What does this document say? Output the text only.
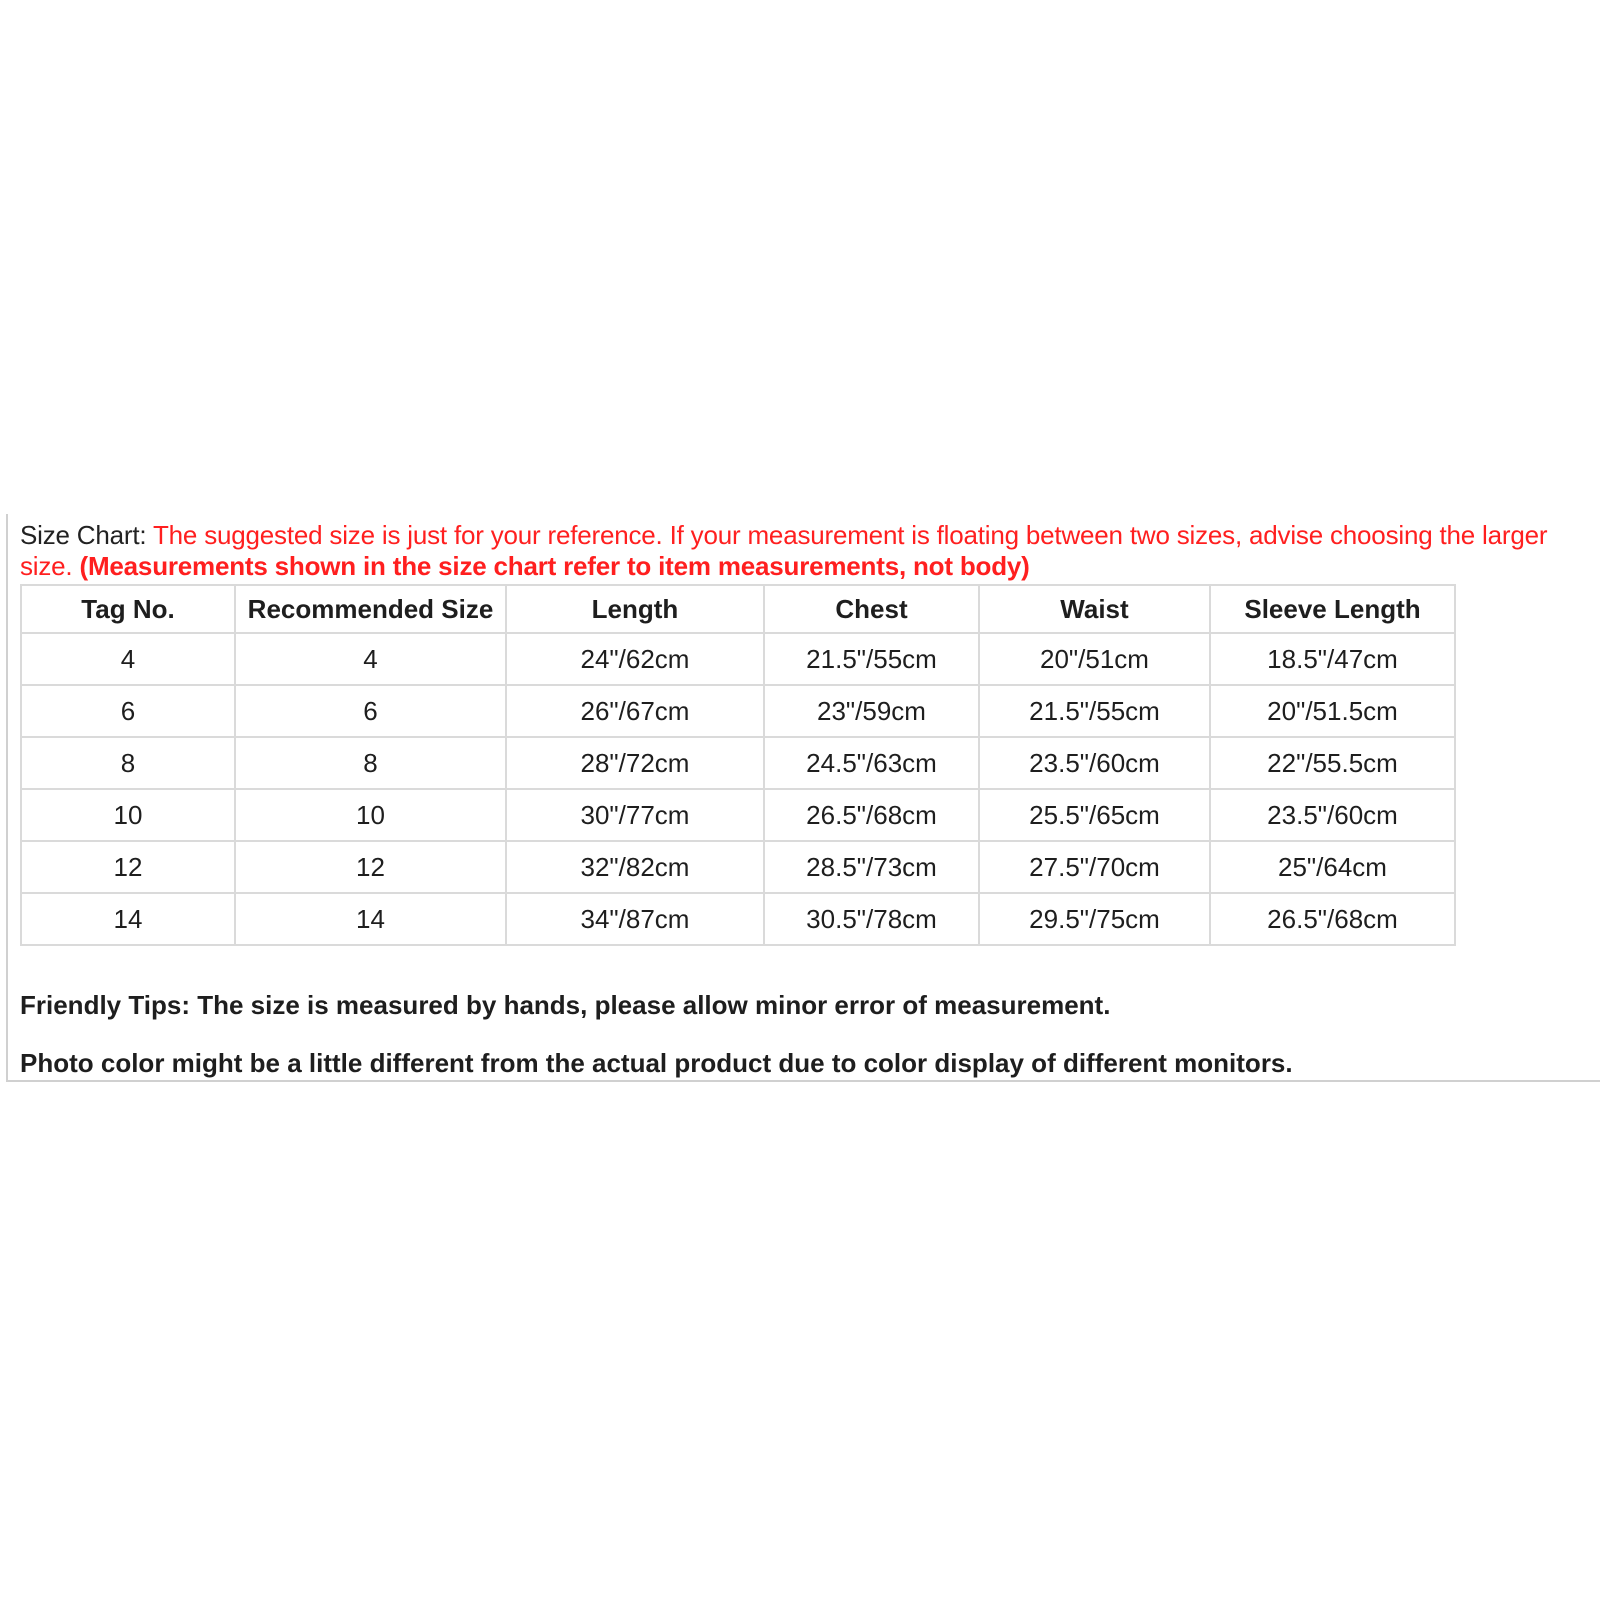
Size Chart: The suggested size is just for your reference. If your measurement is floating between two sizes, advise choosing the larger size. (Measurements shown in the size chart refer to item measurements, not body)

Tag No.	Recommended Size	Length	Chest	Waist	Sleeve Length
4	4	24"/62cm	21.5"/55cm	20"/51cm	18.5"/47cm
6	6	26"/67cm	23"/59cm	21.5"/55cm	20"/51.5cm
8	8	28"/72cm	24.5"/63cm	23.5"/60cm	22"/55.5cm
10	10	30"/77cm	26.5"/68cm	25.5"/65cm	23.5"/60cm
12	12	32"/82cm	28.5"/73cm	27.5"/70cm	25"/64cm
14	14	34"/87cm	30.5"/78cm	29.5"/75cm	26.5"/68cm

Friendly Tips: The size is measured by hands, please allow minor error of measurement.

Photo color might be a little different from the actual product due to color display of different monitors.
